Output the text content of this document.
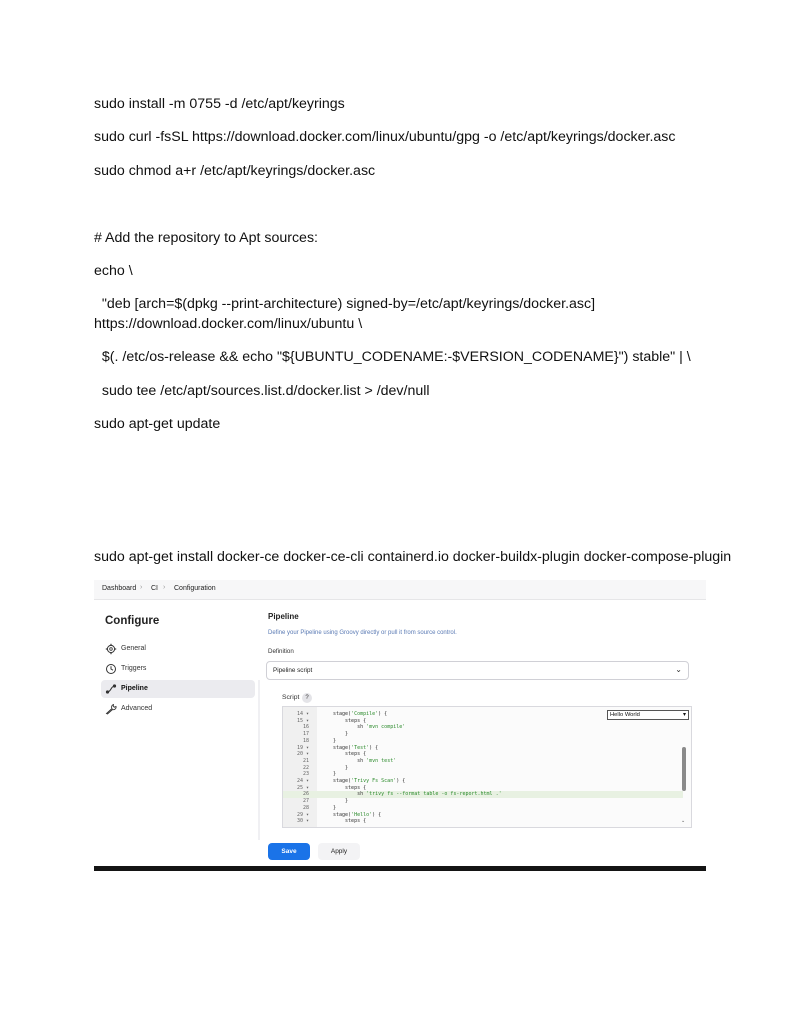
sudo install -m 0755 -d /etc/apt/keyrings
sudo curl -fsSL https://download.docker.com/linux/ubuntu/gpg -o /etc/apt/keyrings/docker.asc
sudo chmod a+r /etc/apt/keyrings/docker.asc
# Add the repository to Apt sources:
echo \
"deb [arch=$(dpkg --print-architecture) signed-by=/etc/apt/keyrings/docker.asc]
https://download.docker.com/linux/ubuntu \
$(. /etc/os-release && echo "${UBUNTU_CODENAME:-$VERSION_CODENAME}") stable" | \
sudo tee /etc/apt/sources.list.d/docker.list > /dev/null
sudo apt-get update
sudo apt-get install docker-ce docker-ce-cli containerd.io docker-buildx-plugin docker-compose-plugin
Dashboard › CI › Configuration
Configure
General
Triggers
Pipeline
Advanced
Pipeline
Define your Pipeline using Groovy directly or pull it from source control.
Definition
Pipeline script	⌄
Script ?
14 ▾	stage('Compile') {
15 ▾	steps {
16	sh 'mvn compile'
17	}
18	}
19 ▾	stage('Test') {
20 ▾	steps {
21	sh 'mvn test'
22	}
23	}
24 ▾	stage('Trivy Fs Scan') {
25 ▾	steps {
26	sh 'trivy fs --format table -o fs-report.html .'
27	}
28	}
29 ▾	stage('Hello') {
30 ▾	steps {
Hello World	▾
⌄
Save	Apply
